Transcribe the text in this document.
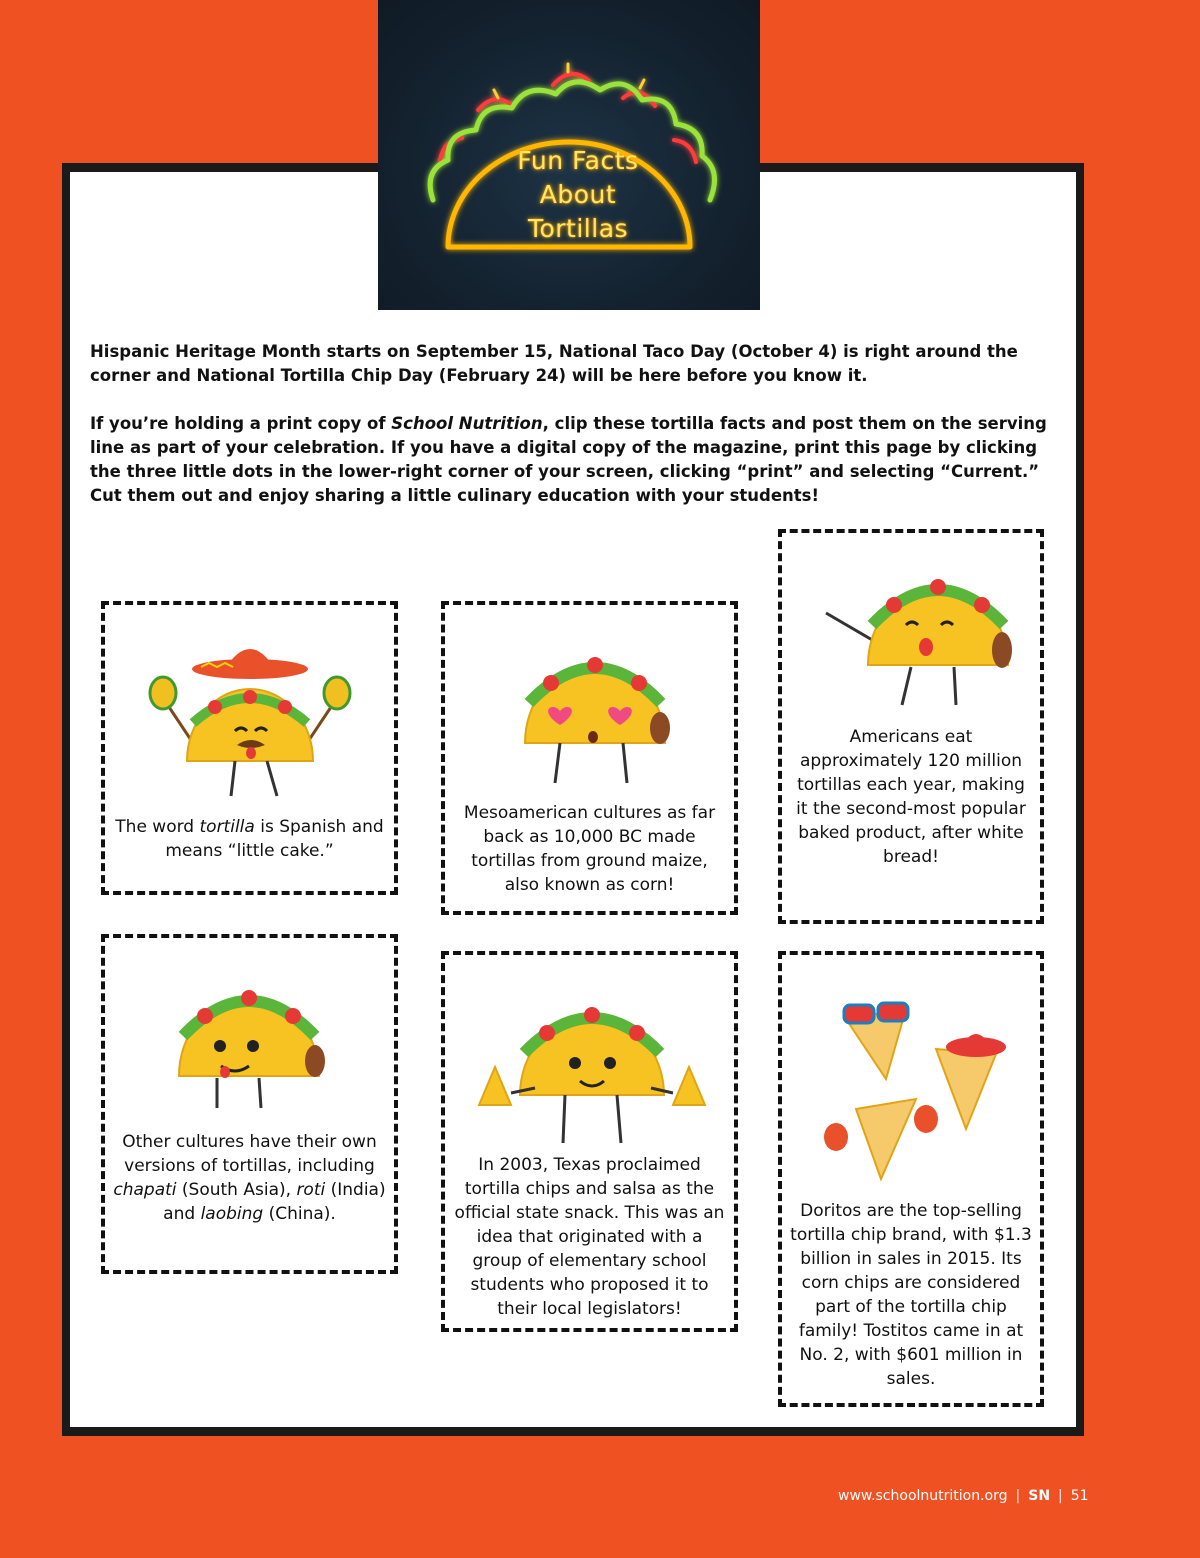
Fun Facts
About
Tortillas

Hispanic Heritage Month starts on September 15, National Taco Day (October 4) is right around the corner and National Tortilla Chip Day (February 24) will be here before you know it.

If you’re holding a print copy of School Nutrition, clip these tortilla facts and post them on the serving line as part of your celebration. If you have a digital copy of the magazine, print this page by clicking the three little dots in the lower-right corner of your screen, clicking “print” and selecting “Current.” Cut them out and enjoy sharing a little culinary education with your students!

The word tortilla is Spanish and means “little cake.”
Mesoamerican cultures as far back as 10,000 BC made tortillas from ground maize, also known as corn!
Americans eat approximately 120 million tortillas each year, making it the second-most popular baked product, after white bread!
Other cultures have their own versions of tortillas, including chapati (South Asia), roti (India) and laobing (China).
In 2003, Texas proclaimed tortilla chips and salsa as the official state snack. This was an idea that originated with a group of elementary school students who proposed it to their local legislators!
Doritos are the top-selling tortilla chip brand, with $1.3 billion in sales in 2015. Its corn chips are considered part of the tortilla chip family! Tostitos came in at No. 2, with $601 million in sales.
www.schoolnutrition.org | SN | 51
